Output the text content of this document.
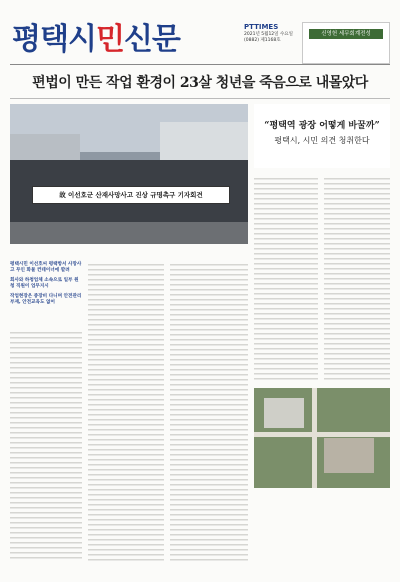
평택시민신문	PTTIMES
2021년 5월12일 수요일
(0882) 제1168호
신영헌 세무회계전성
편법이 만든 작업 환경이 23살 청년을 죽음으로 내몰았다
故 이선호군 산재사망사고 진상 규명촉구 기자회견
“평택역 광장 어떻게 바꿀까”
평택시, 시민 의견 청취한다
평택시민 이선호씨 평택항서 사망사고 무인 화물 컨테이너에 깔려
회사와 하청업체 소속으로 일부 원청 직원이 업무지시
작업현장은 중장비 다니며 안전관리 부재, 안전교육도 없어
